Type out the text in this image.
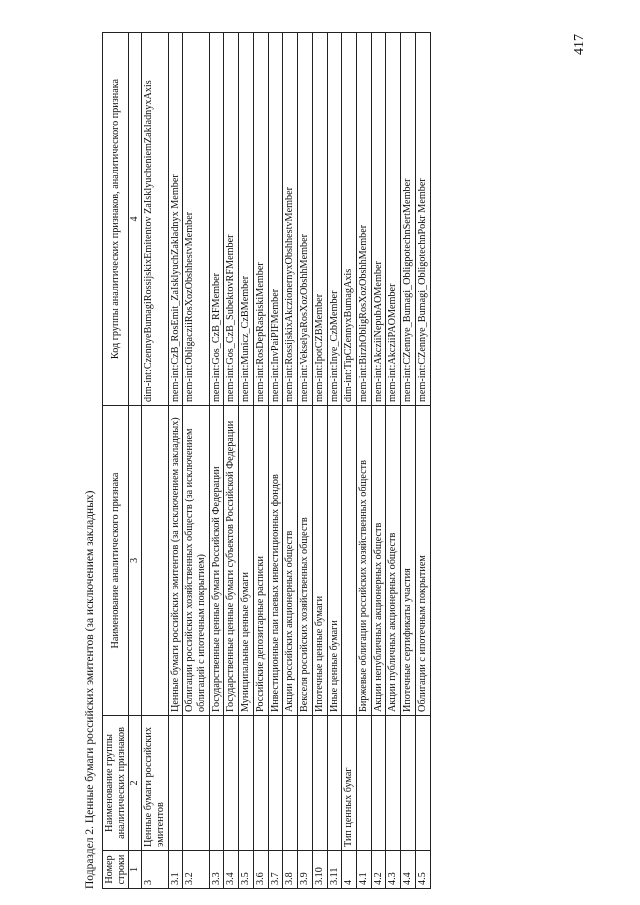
417
Подраздел 2. Ценные бумаги российских эмитентов (за исключением закладных) Номер строки	Наименование группы аналитических признаков	Наименование аналитического признака	Код группы аналитических признаков, аналитического признака
1	2	3	4
3	Ценные бумаги российских эмитентов		dim-int:CzennyeBumagiRossijskixEmitentov ZaIsklyucheniemZakladnyxAxis
3.1		Ценные бумаги российских эмитентов (за исключением закладных)	mem-int:CzB_RosEmit_ZaIsklyuchZakladnyx Member
3.2		Облигации российских хозяйственных обществ (за исключением облигаций с ипотечным покрытием)	mem-int:ObligacziiRosXozObshhestvMember
3.3		Государственные ценные бумаги Российской Федерации	mem-int:Gos_CzB_RFMember
3.4		Государственные ценные бумаги субъектов Российской Федерации	mem-int:Gos_CzB_SubektovRFMember
3.5		Муниципальные ценные бумаги	mem-int:Municz_CzBMember
3.6		Российские депозитарные расписки	mem-int:RosDepRaspiskiMember
3.7		Инвестиционные паи паевых инвестиционных фондов	mem-int:InvPaiPIFMember
3.8		Акции российских акционерных обществ	mem-int:RossijskixAkczionernyxObshhestvMember
3.9		Векселя российских хозяйственных обществ	mem-int:VekselyaRosXozObshhMember
3.10		Ипотечные ценные бумаги	mem-int:IpotCZBMember
3.11		Иные ценные бумаги	mem-int:Inye_CzbMember
4	Тип ценных бумаг		dim-int:TipCZennyxBumagAxis
4.1		Биржевые облигации российских хозяйственных обществ	mem-int:BirzhObligRosXozObshhMember
4.2		Акции непубличных акционерных обществ	mem-int:AkcziiNepubAOMember
4.3		Акции публичных акционерных обществ	mem-int:AkcziiPAOMember
4.4		Ипотечные сертификаты участия	mem-int:CZennye_Bumagi_ObligpotechnSertMember
4.5		Облигации с ипотечным покрытием	mem-int:CZennye_Bumagi_ObligotechnPokr Member
